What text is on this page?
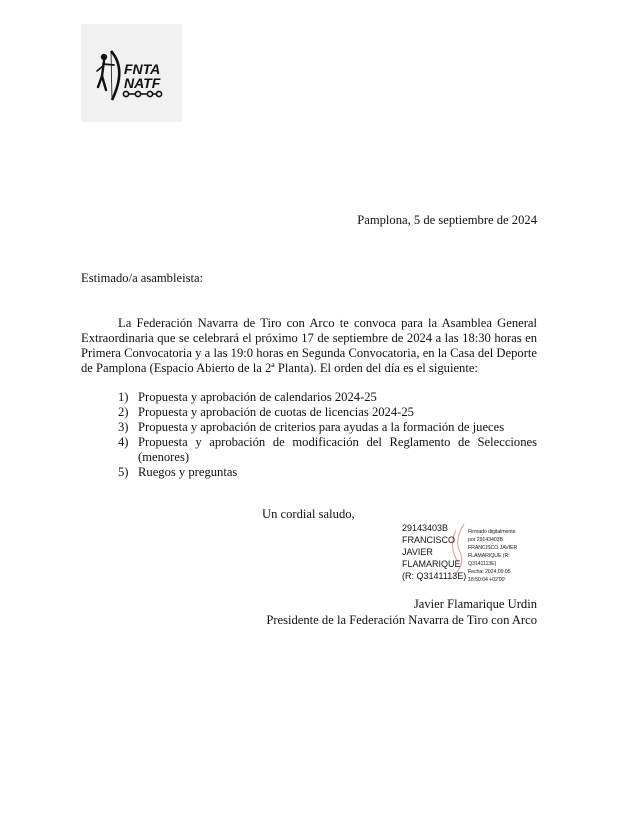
FNTA
NATF
Pamplona, 5 de septiembre de 2024
Estimado/a asambleista:
La Federación Navarra de Tiro con Arco te convoca para la Asamblea General Extraordinaria que se celebrará el próximo 17 de septiembre de 2024 a las 18:30 horas en Primera Convocatoria y a las 19:0 horas en Segunda Convocatoria, en la Casa del Deporte de Pamplona (Espacio Abierto de la 2ª Planta). El orden del día es el siguiente:
1) Propuesta y aprobación de calendarios 2024-25
2) Propuesta y aprobación de cuotas de licencias 2024-25
3) Propuesta y aprobación de criterios para ayudas a la formación de jueces
4) Propuesta y aprobación de modificación del Reglamento de Selecciones (menores)
5) Ruegos y preguntas
Un cordial saludo,
29143403B
FRANCISCO
JAVIER
FLAMARIQUE
(R: Q3141113E)
Firmado digitalmente
por 29143403B
FRANCISCO JAVIER
FLAMARIQUE (R:
Q3141113E)
Fecha: 2024.09.05
18:50:04 +02'00'
Javier Flamarique Urdin
Presidente de la Federación Navarra de Tiro con Arco
